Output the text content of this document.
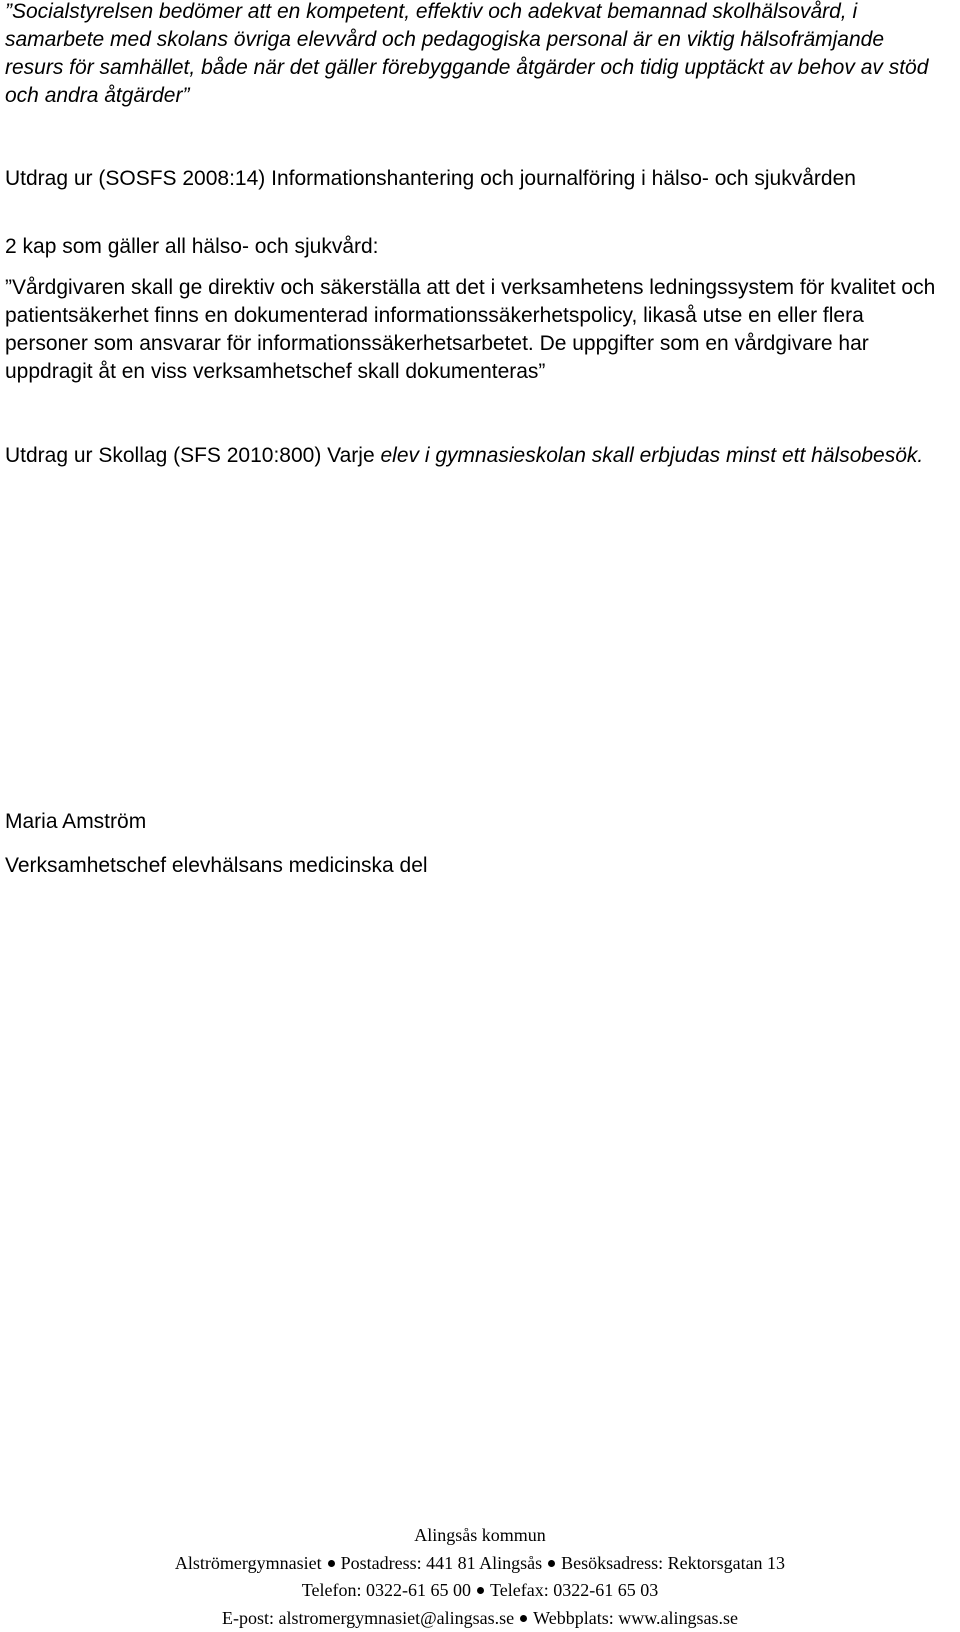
”Socialstyrelsen bedömer att en kompetent, effektiv och adekvat bemannad skolhälsovård, i samarbete med skolans övriga elevvård och pedagogiska personal är en viktig hälsofrämjande resurs för samhället, både när det gäller förebyggande åtgärder och tidig upptäckt av behov av stöd och andra åtgärder”

Utdrag ur (SOSFS 2008:14) Informationshantering och journalföring i hälso- och sjukvården

2 kap som gäller all hälso- och sjukvård:

”Vårdgivaren skall ge direktiv och säkerställa att det i verksamhetens ledningssystem för kvalitet och patientsäkerhet finns en dokumenterad informationssäkerhetspolicy, likaså utse en eller flera personer som ansvarar för informationssäkerhetsarbetet. De uppgifter som en vårdgivare har uppdragit åt en viss verksamhetschef skall dokumenteras”

Utdrag ur Skollag (SFS 2010:800) Varje elev i gymnasieskolan skall erbjudas minst ett hälsobesök.

Maria Amström

Verksamhetschef elevhälsans medicinska del

Alingsås kommun
Alströmergymnasiet Postadress: 441 81 Alingsås Besöksadress: Rektorsgatan 13
Telefon: 0322-61 65 00 Telefax: 0322-61 65 03
E-post: alstromergymnasiet@alingsas.se Webbplats: www.alingsas.se
